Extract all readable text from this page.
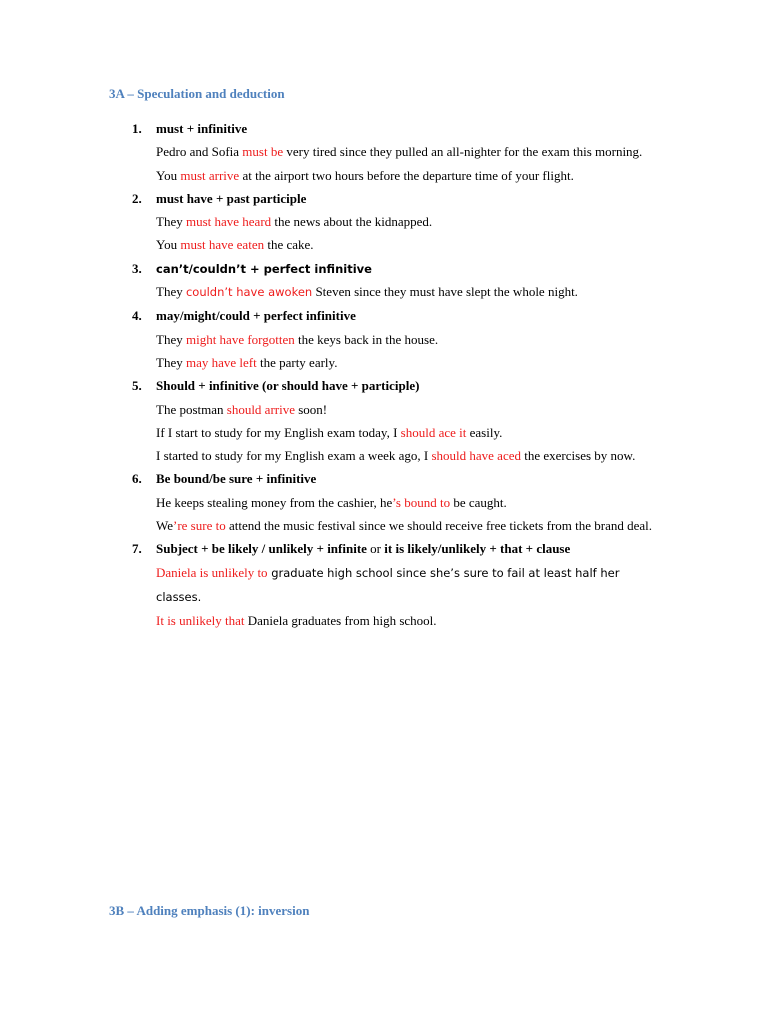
3A – Speculation and deduction
1. must + infinitive
Pedro and Sofia must be very tired since they pulled an all-nighter for the exam this morning.
You must arrive at the airport two hours before the departure time of your flight.
2. must have + past participle
They must have heard the news about the kidnapped.
You must have eaten the cake.
3. can’t/couldn’t + perfect infinitive
They couldn’t have awoken Steven since they must have slept the whole night.
4. may/might/could + perfect infinitive
They might have forgotten the keys back in the house.
They may have left the party early.
5. Should + infinitive (or should have + participle)
The postman should arrive soon!
If I start to study for my English exam today, I should ace it easily.
I started to study for my English exam a week ago, I should have aced the exercises by now.
6. Be bound/be sure + infinitive
He keeps stealing money from the cashier, he’s bound to be caught.
We’re sure to attend the music festival since we should receive free tickets from the brand deal.
7. Subject + be likely / unlikely + infinite or it is likely/unlikely + that + clause
Daniela is unlikely to graduate high school since she’s sure to fail at least half her classes.
It is unlikely that Daniela graduates from high school.
3B – Adding emphasis (1): inversion
